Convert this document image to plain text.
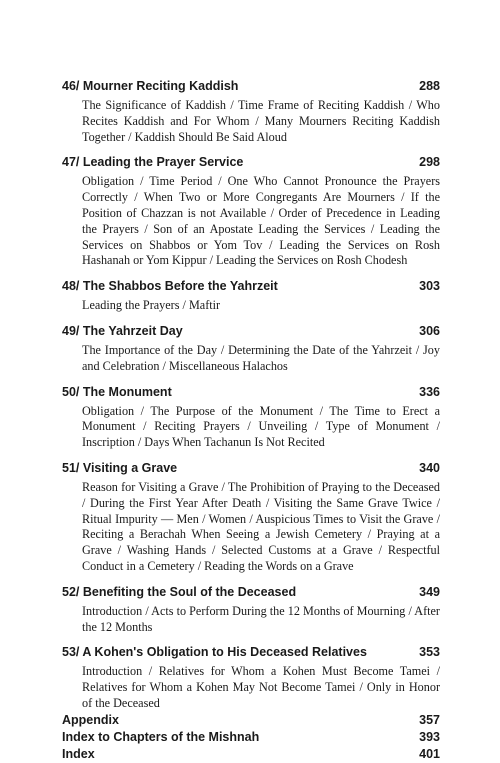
46/ Mourner Reciting Kaddish	288
The Significance of Kaddish / Time Frame of Reciting Kaddish / Who Recites Kaddish and For Whom / Many Mourners Reciting Kaddish Together / Kaddish Should Be Said Aloud
47/ Leading the Prayer Service	298
Obligation / Time Period / One Who Cannot Pronounce the Prayers Correctly / When Two or More Congregants Are Mourners / If the Position of Chazzan is not Available / Order of Precedence in Leading the Prayers / Son of an Apostate Leading the Services / Leading the Services on Shabbos or Yom Tov / Leading the Services on Rosh Hashanah or Yom Kippur / Leading the Services on Rosh Chodesh
48/ The Shabbos Before the Yahrzeit	303
Leading the Prayers / Maftir
49/ The Yahrzeit Day	306
The Importance of the Day / Determining the Date of the Yahrzeit / Joy and Celebration / Miscellaneous Halachos
50/ The Monument	336
Obligation / The Purpose of the Monument / The Time to Erect a Monument / Reciting Prayers / Unveiling / Type of Monument / Inscription / Days When Tachanun Is Not Recited
51/ Visiting a Grave	340
Reason for Visiting a Grave / The Prohibition of Praying to the Deceased / During the First Year After Death / Visiting the Same Grave Twice / Ritual Impurity — Men / Women / Auspicious Times to Visit the Grave / Reciting a Berachah When Seeing a Jewish Cemetery / Praying at a Grave / Washing Hands / Selected Customs at a Grave / Respectful Conduct in a Cemetery / Reading the Words on a Grave
52/ Benefiting the Soul of the Deceased	349
Introduction / Acts to Perform During the 12 Months of Mourning / After the 12 Months
53/ A Kohen's Obligation to His Deceased Relatives	353
Introduction / Relatives for Whom a Kohen Must Become Tamei / Relatives for Whom a Kohen May Not Become Tamei / Only in Honor of the Deceased
Appendix	357
Index to Chapters of the Mishnah	393
Index	401
